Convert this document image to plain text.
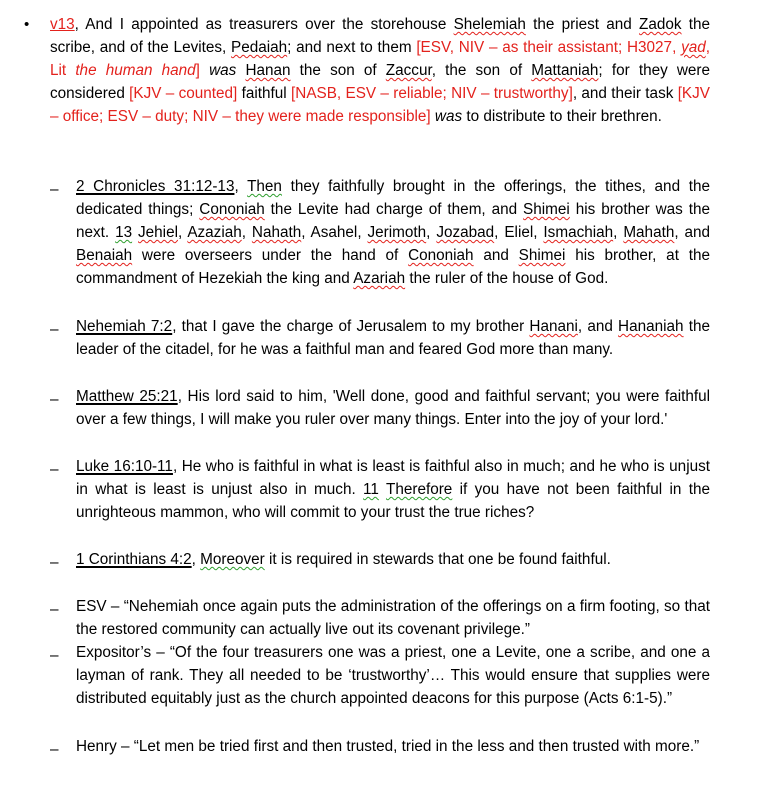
• v13, And I appointed as treasurers over the storehouse Shelemiah the priest and Zadok the scribe, and of the Levites, Pedaiah; and next to them [ESV, NIV – as their assistant; H3027, yad, Lit the human hand] was Hanan the son of Zaccur, the son of Mattaniah; for they were considered [KJV – counted] faithful [NASB, ESV – reliable; NIV – trustworthy], and their task [KJV – office; ESV – duty; NIV – they were made responsible] was to distribute to their brethren.
– 2 Chronicles 31:12-13, Then they faithfully brought in the offerings, the tithes, and the dedicated things; Cononiah the Levite had charge of them, and Shimei his brother was the next. 13 Jehiel, Azaziah, Nahath, Asahel, Jerimoth, Jozabad, Eliel, Ismachiah, Mahath, and Benaiah were overseers under the hand of Cononiah and Shimei his brother, at the commandment of Hezekiah the king and Azariah the ruler of the house of God.
– Nehemiah 7:2, that I gave the charge of Jerusalem to my brother Hanani, and Hananiah the leader of the citadel, for he was a faithful man and feared God more than many.
– Matthew 25:21, His lord said to him, 'Well done, good and faithful servant; you were faithful over a few things, I will make you ruler over many things. Enter into the joy of your lord.'
– Luke 16:10-11, He who is faithful in what is least is faithful also in much; and he who is unjust in what is least is unjust also in much. 11 Therefore if you have not been faithful in the unrighteous mammon, who will commit to your trust the true riches?
– 1 Corinthians 4:2, Moreover it is required in stewards that one be found faithful.
– ESV – “Nehemiah once again puts the administration of the offerings on a firm footing, so that the restored community can actually live out its covenant privilege.”
– Expositor’s – “Of the four treasurers one was a priest, one a Levite, one a scribe, and one a layman of rank. They all needed to be ‘trustworthy’… This would ensure that supplies were distributed equitably just as the church appointed deacons for this purpose (Acts 6:1-5).”
– Henry – “Let men be tried first and then trusted, tried in the less and then trusted with more.”
